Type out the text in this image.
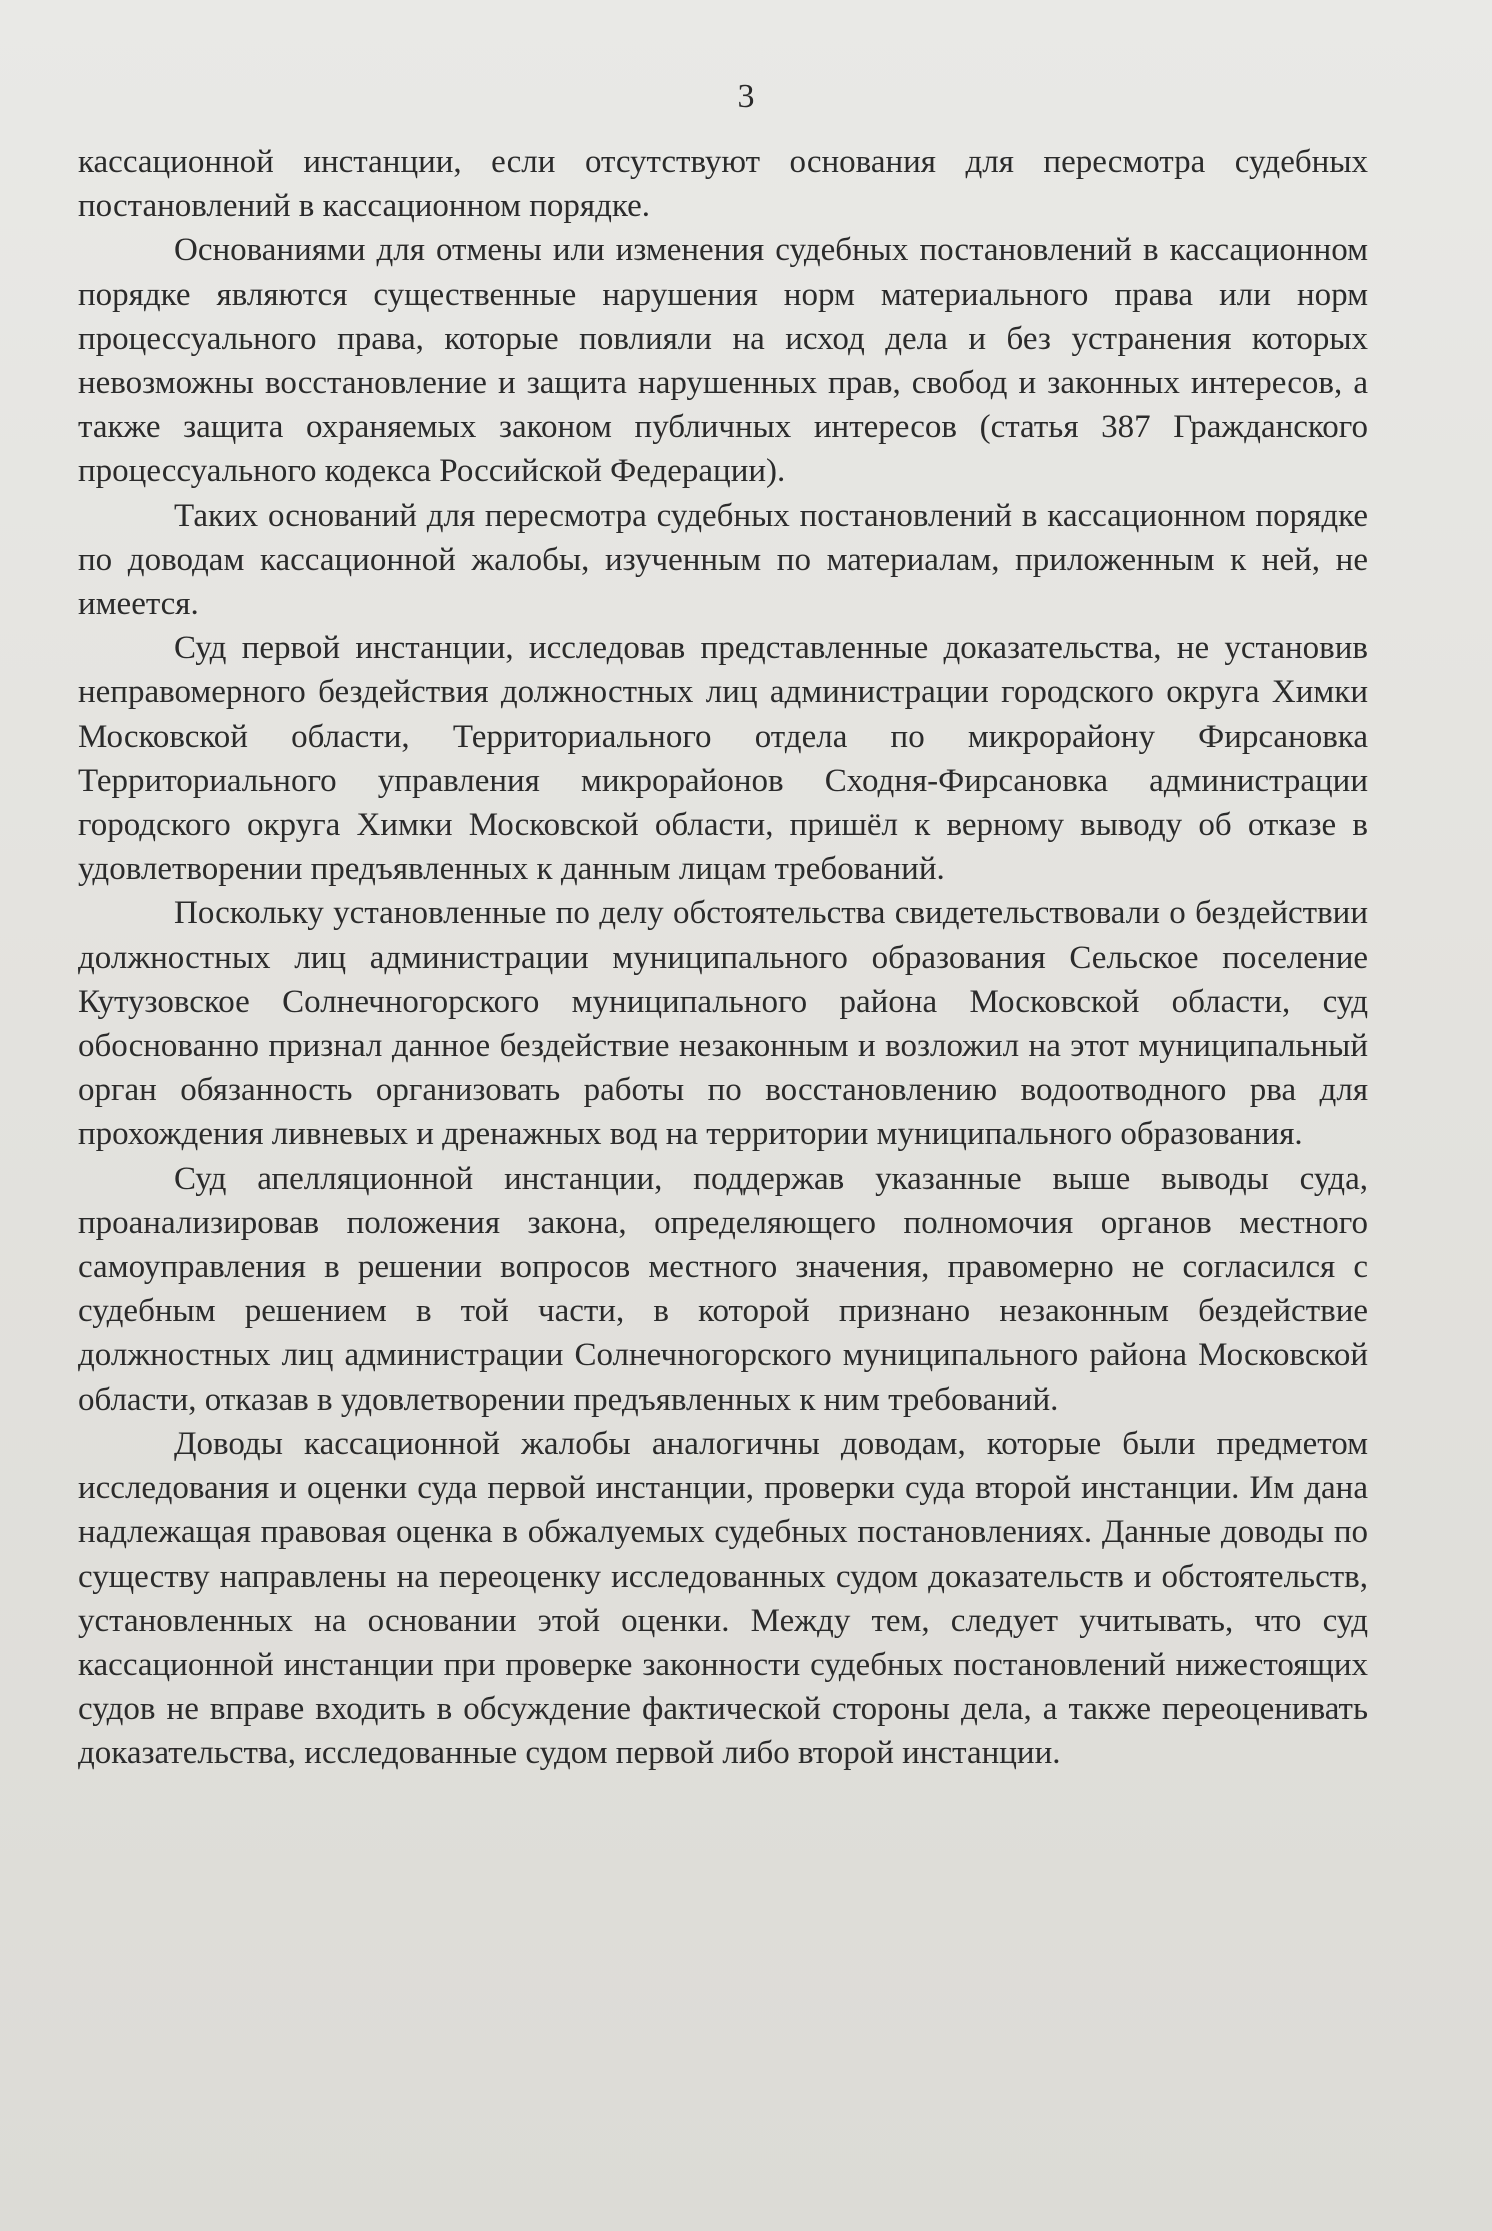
3

кассационной инстанции, если отсутствуют основания для пересмотра судебных постановлений в кассационном порядке.

Основаниями для отмены или изменения судебных постановлений в кассационном порядке являются существенные нарушения норм материального права или норм процессуального права, которые повлияли на исход дела и без устранения которых невозможны восстановление и защита нарушенных прав, свобод и законных интересов, а также защита охраняемых законом публичных интересов (статья 387 Гражданского процессуального кодекса Российской Федерации).

Таких оснований для пересмотра судебных постановлений в кассационном порядке по доводам кассационной жалобы, изученным по материалам, приложенным к ней, не имеется.

Суд первой инстанции, исследовав представленные доказательства, не установив неправомерного бездействия должностных лиц администрации городского округа Химки Московской области, Территориального отдела по микрорайону Фирсановка Территориального управления микрорайонов Сходня-Фирсановка администрации городского округа Химки Московской области, пришёл к верному выводу об отказе в удовлетворении предъявленных к данным лицам требований.

Поскольку установленные по делу обстоятельства свидетельствовали о бездействии должностных лиц администрации муниципального образования Сельское поселение Кутузовское Солнечногорского муниципального района Московской области, суд обоснованно признал данное бездействие незаконным и возложил на этот муниципальный орган обязанность организовать работы по восстановлению водоотводного рва для прохождения ливневых и дренажных вод на территории муниципального образования.

Суд апелляционной инстанции, поддержав указанные выше выводы суда, проанализировав положения закона, определяющего полномочия органов местного самоуправления в решении вопросов местного значения, правомерно не согласился с судебным решением в той части, в которой признано незаконным бездействие должностных лиц администрации Солнечногорского муниципального района Московской области, отказав в удовлетворении предъявленных к ним требований.

Доводы кассационной жалобы аналогичны доводам, которые были предметом исследования и оценки суда первой инстанции, проверки суда второй инстанции. Им дана надлежащая правовая оценка в обжалуемых судебных постановлениях. Данные доводы по существу направлены на переоценку исследованных судом доказательств и обстоятельств, установленных на основании этой оценки. Между тем, следует учитывать, что суд кассационной инстанции при проверке законности судебных постановлений нижестоящих судов не вправе входить в обсуждение фактической стороны дела, а также переоценивать доказательства, исследованные судом первой либо второй инстанции.
